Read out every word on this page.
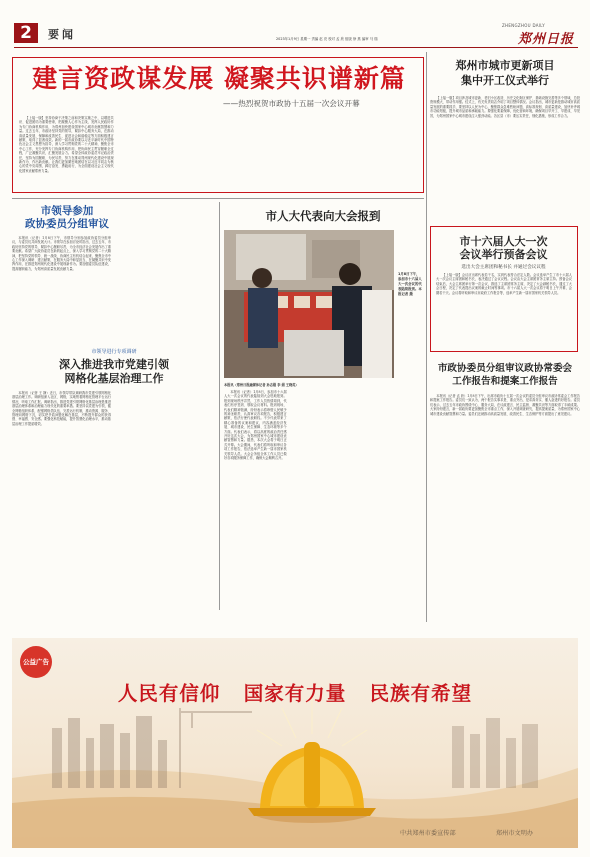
2	要闻	2023年1月9日 星期一 责编 赵 亮 校对 孟 欣 组版 徐 燕 编审 马 瑞
ZHENGZHOU DAILY
郑州日报
建言资政谋发展 凝聚共识谱新篇
——热烈祝贺市政协十五届一次会议开幕

【上接一版】坚持协商于决策之前和决策实施之中，以增进共识、促进团结为重要使命，把凝聚人心作为主线，发挥人民政协作为专门协商机构作用，为郑州加快建设国家中心城市贡献智慧和力量。过去五年，市政协坚持党的领导，紧扣中心服务大局，在推动高质量发展、保障和改善民生、促进社会和谐稳定等方面积极建言献策，取得了显著成效。新的一届市政协要以习近平新时代中国特色社会主义思想为指导，深入学习贯彻党的二十大精神，聚焦全市中心工作，充分发挥专门协商机构作用，把协商民主贯穿履职全过程，广泛凝聚共识，汇聚发展合力。希望全体政协委员牢记政治责任，坚持为国履职、为民尽责，努力在推动郑州现代化建设中展现新作为、作出新贡献。让我们更加紧密地团结在以习近平同志为核心的党中央周围，踔厉奋发、勇毅前行，为全面建设社会主义现代化国家贡献郑州力量。

郑州市城市更新项目
集中开工仪式举行

【上接一版】项目涉及城市更新、老旧小区改造、历史文化街区保护、基础设施完善等多个领域，总投资规模大、带动作用强。仪式上，有关负责同志介绍了项目整体情况。会议指出，城市更新是推动城市高质量发展的重要抓手，要坚持以人民为中心，聚焦群众急难愁盼问题，高标准规划、高质量建设，加快补齐城市功能短板，提升城市品质和承载能力。要强化要素保障，优化营商环境，确保项目早开工、早建成、早见效，为郑州国家中心城市建设注入强劲动能。各区县（市）要压实责任，细化措施，形成工作合力。

市领导参加
政协委员分组审议

本报讯（记者）1月8日下午，市领导分别参加政协委员分组审议，与委员们共商发展大计。市领导在参加讨论时指出，过去五年，市政协坚持党的领导，紧扣中心履职尽责，为全市经济社会发展作出了重要贡献。希望广大政协委员在新的起点上，深入学习贯彻党的二十大精神，把坚持党的领导、统一战线、协商民主有机结合起来，聚焦全市中心工作深入调研、建言献策，在服务大局中彰显担当，在凝聚共识中发挥作用，在推进郑州现代化建设中展现新作为。要加强委员队伍建设，提高履职能力，为郑州高质量发展贡献力量。

市领导进行专项调研
深入推进我市党建引领
网格化基层治理工作

本报讯（记者 王 静）近日，市领导带队调研我市党建引领网格化基层治理工作。调研组深入社区、网格，实地察看网格化管理平台运行情况，听取工作汇报。调研指出，推进党建引领网格化基层治理是推进基层治理体系和治理能力现代化的重要举措。要坚持以党建为引领，健全网格组织体系，配强网格员队伍，完善运行机制，推动资源、服务、管理向网格下沉，切实把矛盾问题化解在基层，不断提升群众的获得感、幸福感、安全感。要强化科技赋能，提升智慧化治理水平，推动基层治理工作提质增效。

市人大代表向大会报到
1月8日下午，参加市十六届人大一次会议的代表陆续报到。本报记者 摄
本报讯（郑州日报融媒体记者 孙志刚 李 娟 王晓英）

本报讯（记者）1月8日，参加市十六届人大一次会议的代表陆续到大会驻地报到。报到现场秩序井然，工作人员热情周到，代表们有序签到、领取会议材料。报到现场，代表们精神饱满，纷纷表示将珍惜人民赋予的神圣职责，认真审议各项报告，积极建言献策，依法行使代表职权。不少代表带来了精心准备的议案和建议，内容涵盖经济发展、城市建设、民生保障、生态环境等多个方面。代表们表示，将以高度的政治责任感开好这次大会，为郑州国家中心城市建设贡献智慧和力量。据悉，本次大会将于明日正式开幕。大会期间，代表们将听取和审议各项工作报告，依法选举产生新一届市国家机关领导人员。大会会务组全体工作人员已做好各项服务保障工作，确保大会顺利召开。

市十六届人大一次
会议举行预备会议
选出大会主席团和秘书长 并通过会议议程

【上接一版】会议应出席代表若干名，实到代表符合法定人数。会议选举产生了市十六届人大一次会议主席团和秘书长，表决通过了会议议程。会议由大会主席团常务主席主持。预备会议结束后，大会主席团举行第一次会议，推选了主席团常务主席，决定了大会副秘书长，通过了大会日程，决定了代表提出议案的截止时间等事项。市十六届人大一次会议将于明日上午开幕，会期若干天。会议将听取和审议市政府工作报告等，选举产生新一届市国家机关领导人员。

市政协委员分组审议政协常委会
工作报告和提案工作报告

本报讯（记者 孟 欣）1月8日下午，出席市政协十五届一次会议的委员分组审议市政协常委会工作报告和提案工作报告。委员们一致认为，两个报告实事求是、重点突出，是求真务实、催人奋进的好报告。委员们表示，过去五年市政协围绕中心、服务大局，在议政建言、民主监督、凝聚共识等方面取得了丰硕成果。大家纷纷建言，新一届政协要更加聚焦全市重点工作，深入开展调查研究，提高提案质量，为郑州国家中心城市建设贡献智慧和力量。委员们还就推动高质量发展、改善民生、生态保护等方面提出了意见建议。

公益广告
人民有信仰   国家有力量   民族有希望
中共郑州市委宣传部	郑州市文明办
